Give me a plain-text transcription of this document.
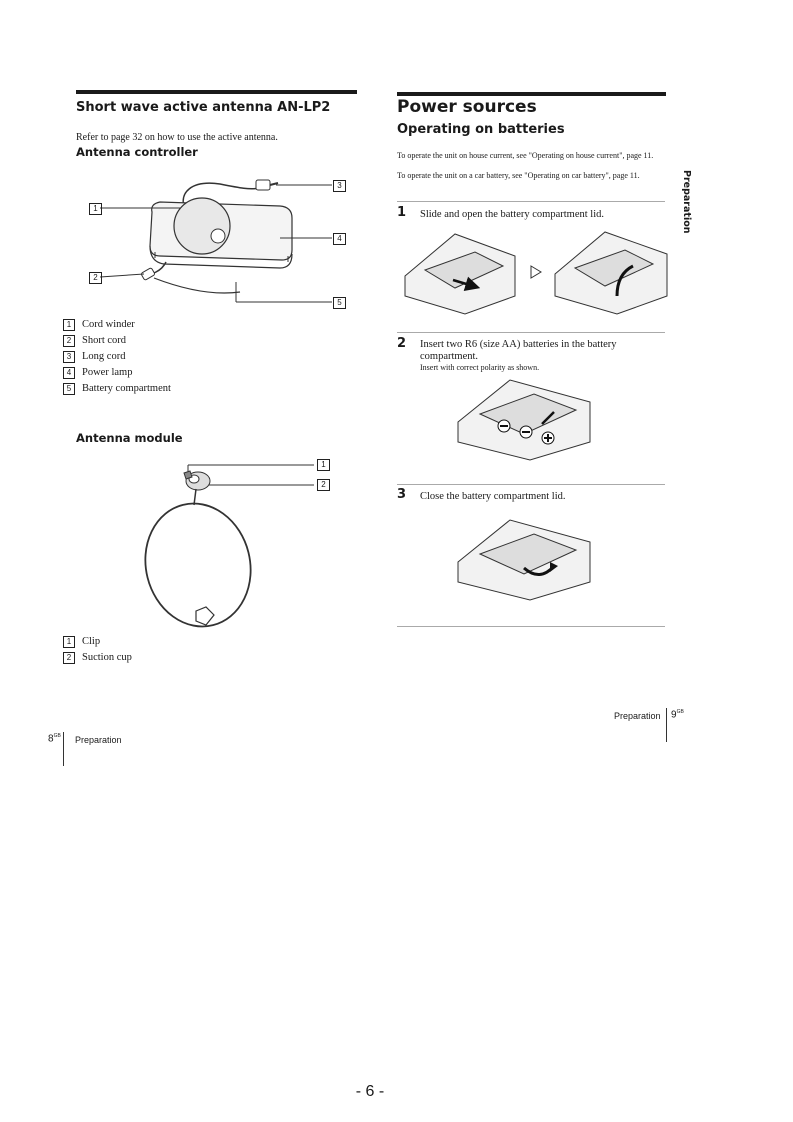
Short wave active antenna AN-LP2
Refer to page 32 on how to use the active antenna.
Antenna controller
1
2
3
4
5
1	Cord winder
2	Short cord
3	Long cord
4	Power lamp
5	Battery compartment
Antenna module
1
2
1	Clip
2	Suction cup
$8^{GB}$ Preparation
Power sources
Operating on batteries
To operate the unit on house current, see "Operating on house current", page 11.
To operate the unit on a car battery, see "Operating on car battery", page 11.
1 Slide and open the battery compartment lid.
2 Insert two R6 (size AA) batteries in the battery compartment.
Insert with correct polarity as shown.
3 Close the battery compartment lid.
Preparation
Preparation $9^{GB}$
- 6 -
